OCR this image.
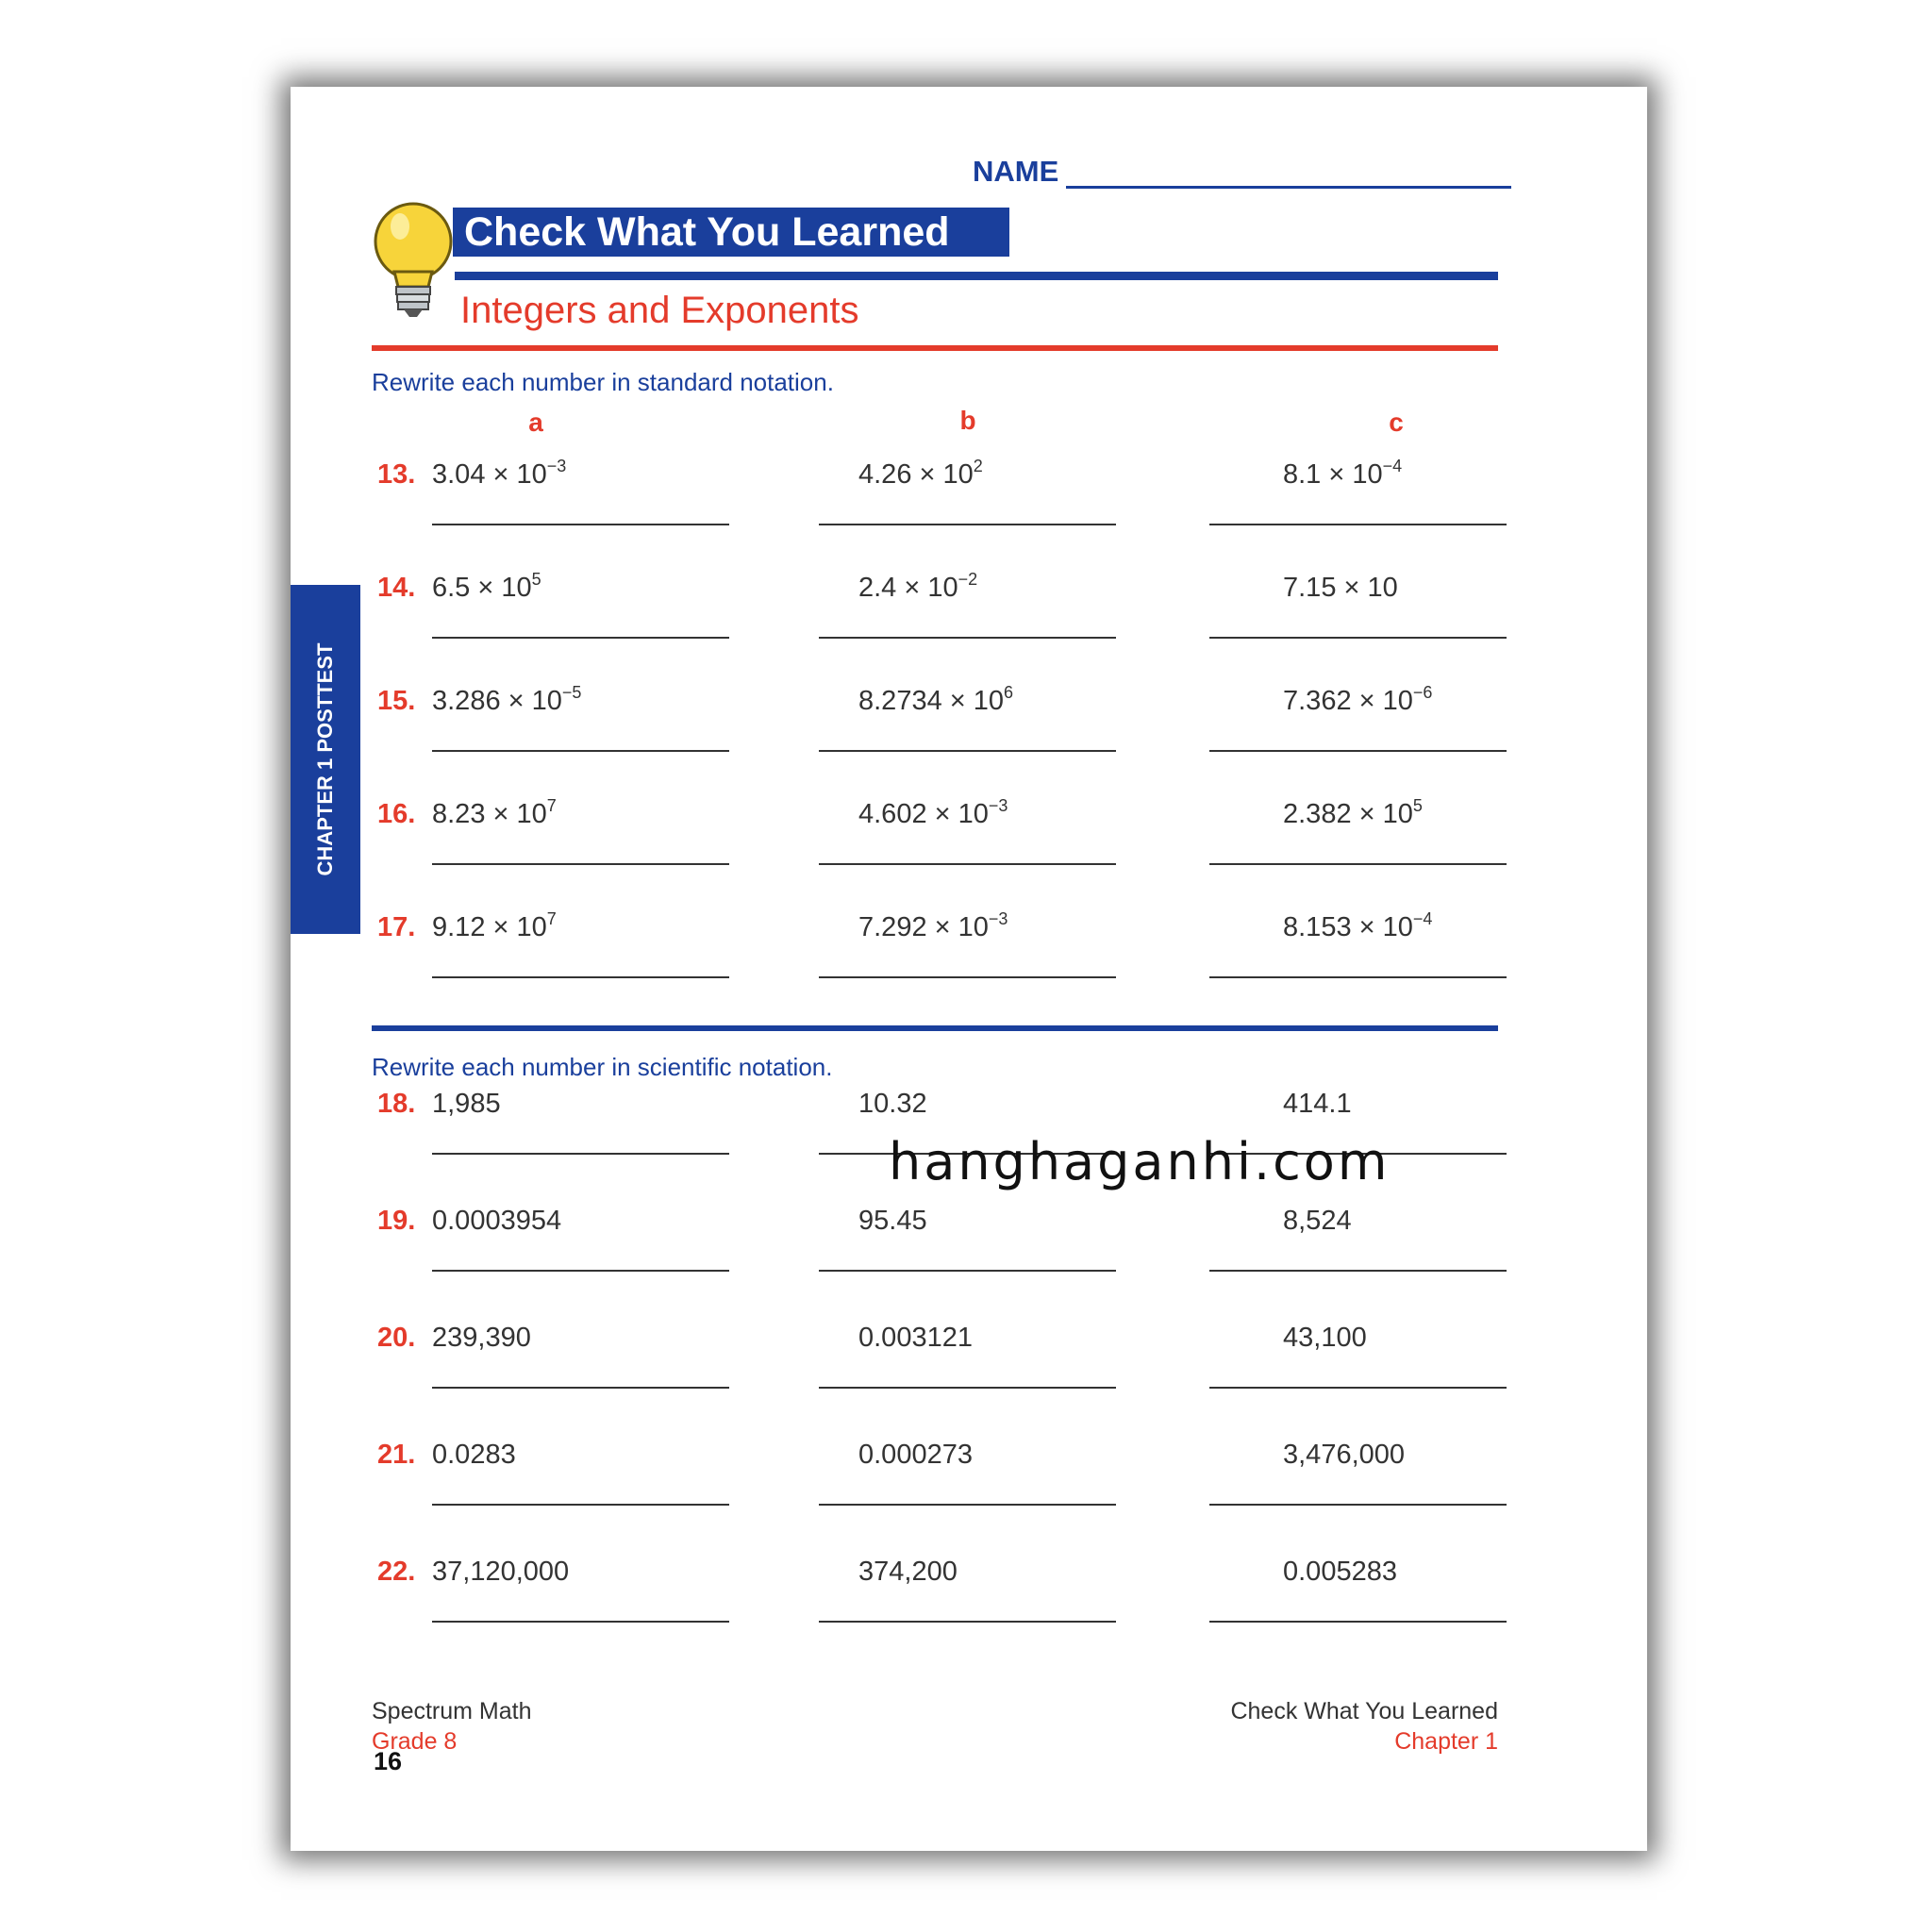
NAME
Check What You Learned
Integers and Exponents
CHAPTER 1 POSTTEST
Rewrite each number in standard notation.
a	b	c
13. $3.04 \times 10^{-3}$	$4.26 \times 10^2$	$8.1 \times 10^{-4}$
14. $6.5 \times 10^5$	$2.4 \times 10^{-2}$	7.15 × 10
15. $3.286 \times 10^{-5}$	$8.2734 \times 10^6$	$7.362 \times 10^{-6}$
16. $8.23 \times 10^7$	$4.602 \times 10^{-3}$	$2.382 \times 10^5$
17. $9.12 \times 10^7$	$7.292 \times 10^{-3}$	$8.153 \times 10^{-4}$
Rewrite each number in scientific notation.
18. 1,985	10.32	414.1
19. 0.0003954	95.45	8,524
20. 239,390	0.003121	43,100
21. 0.0283	0.000273	3,476,000
22. 37,120,000	374,200	0.005283
Spectrum Math
Grade 8
16
Check What You Learned
Chapter 1
hanghaganhi.com
